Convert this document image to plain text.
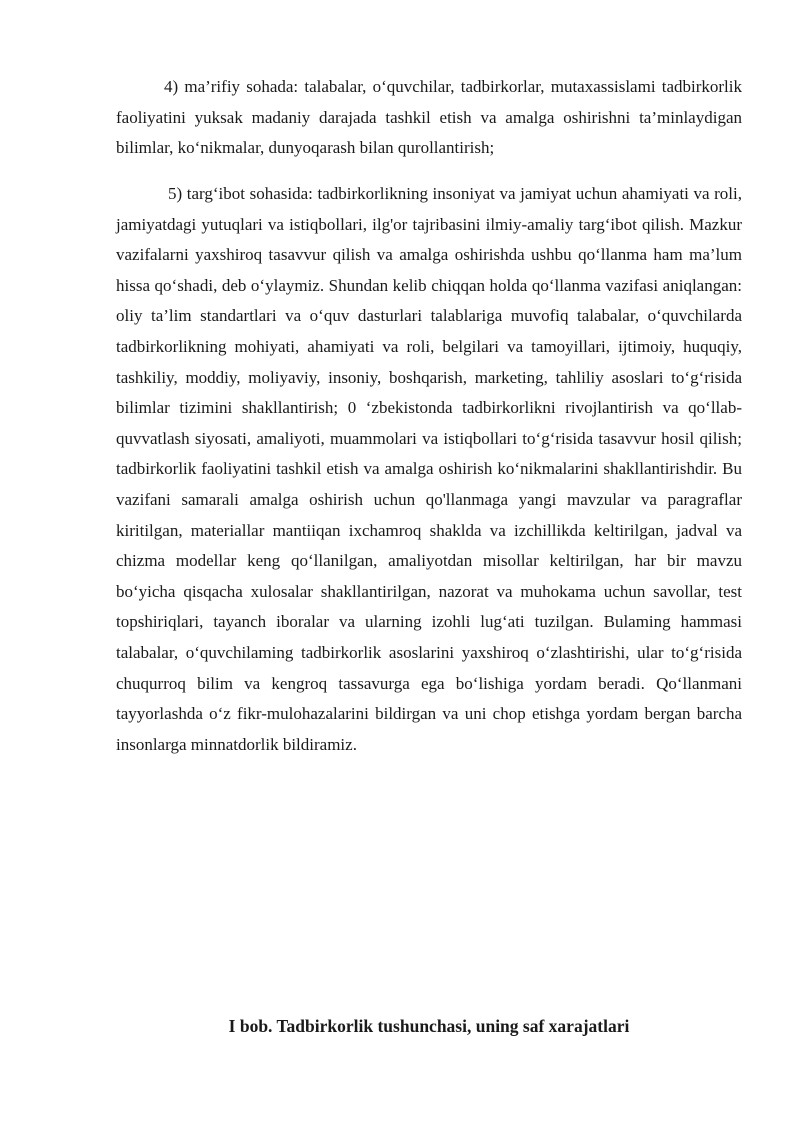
4) ma’rifiy sohada: talabalar, o‘quvchilar, tadbirkorlar, mutaxassislami tadbirkorlik faoliyatini yuksak madaniy darajada tashkil etish va amalga oshirishni ta’minlaydigan bilimlar, ko‘nikmalar, dunyoqarash bilan qurollantirish;

5) targ‘ibot sohasida: tadbirkorlikning insoniyat va jamiyat uchun ahamiyati va roli, jamiyatdagi yutuqlari va istiqbollari, ilg'or tajribasini ilmiy-amaliy targ‘ibot qilish. Mazkur vazifalarni yaxshiroq tasavvur qilish va amalga oshirishda ushbu qo‘llanma ham ma’lum hissa qo‘shadi, deb o‘ylaymiz. Shundan kelib chiqqan holda qo‘llanma vazifasi aniqlangan: oliy ta’lim standartlari va o‘quv dasturlari talablariga muvofiq talabalar, o‘quvchilarda tadbirkorlikning mohiyati, ahamiyati va roli, belgilari va tamoyillari, ijtimoiy, huquqiy, tashkiliy, moddiy, moliyaviy, insoniy, boshqarish, marketing, tahliliy asoslari to‘g‘risida bilimlar tizimini shakllantirish; 0 ‘zbekistonda tadbirkorlikni rivojlantirish va qo‘llab-quvvatlash siyosati, amaliyoti, muammolari va istiqbollari to‘g‘risida tasavvur hosil qilish; tadbirkorlik faoliyatini tashkil etish va amalga oshirish ko‘nikmalarini shakllantirishdir. Bu vazifani samarali amalga oshirish uchun qo'llanmaga yangi mavzular va paragraflar kiritilgan, materiallar mantiiqan ixchamroq shaklda va izchillikda keltirilgan, jadval va chizma modellar keng qo‘llanilgan, amaliyotdan misollar keltirilgan, har bir mavzu bo‘yicha qisqacha xulosalar shakllantirilgan, nazorat va muhokama uchun savollar, test topshiriqlari, tayanch iboralar va ularning izohli lug‘ati tuzilgan. Bulaming hammasi talabalar, o‘quvchilaming tadbirkorlik asoslarini yaxshiroq o‘zlashtirishi, ular to‘g‘risida chuqurroq bilim va kengroq tassavurga ega bo‘lishiga yordam beradi. Qo‘llanmani tayyorlashda o‘z fikr-mulohazalarini bildirgan va uni chop etishga yordam bergan barcha insonlarga minnatdorlik bildiramiz.

I bob. Tadbirkorlik tushunchasi, uning saf xarajatlari
